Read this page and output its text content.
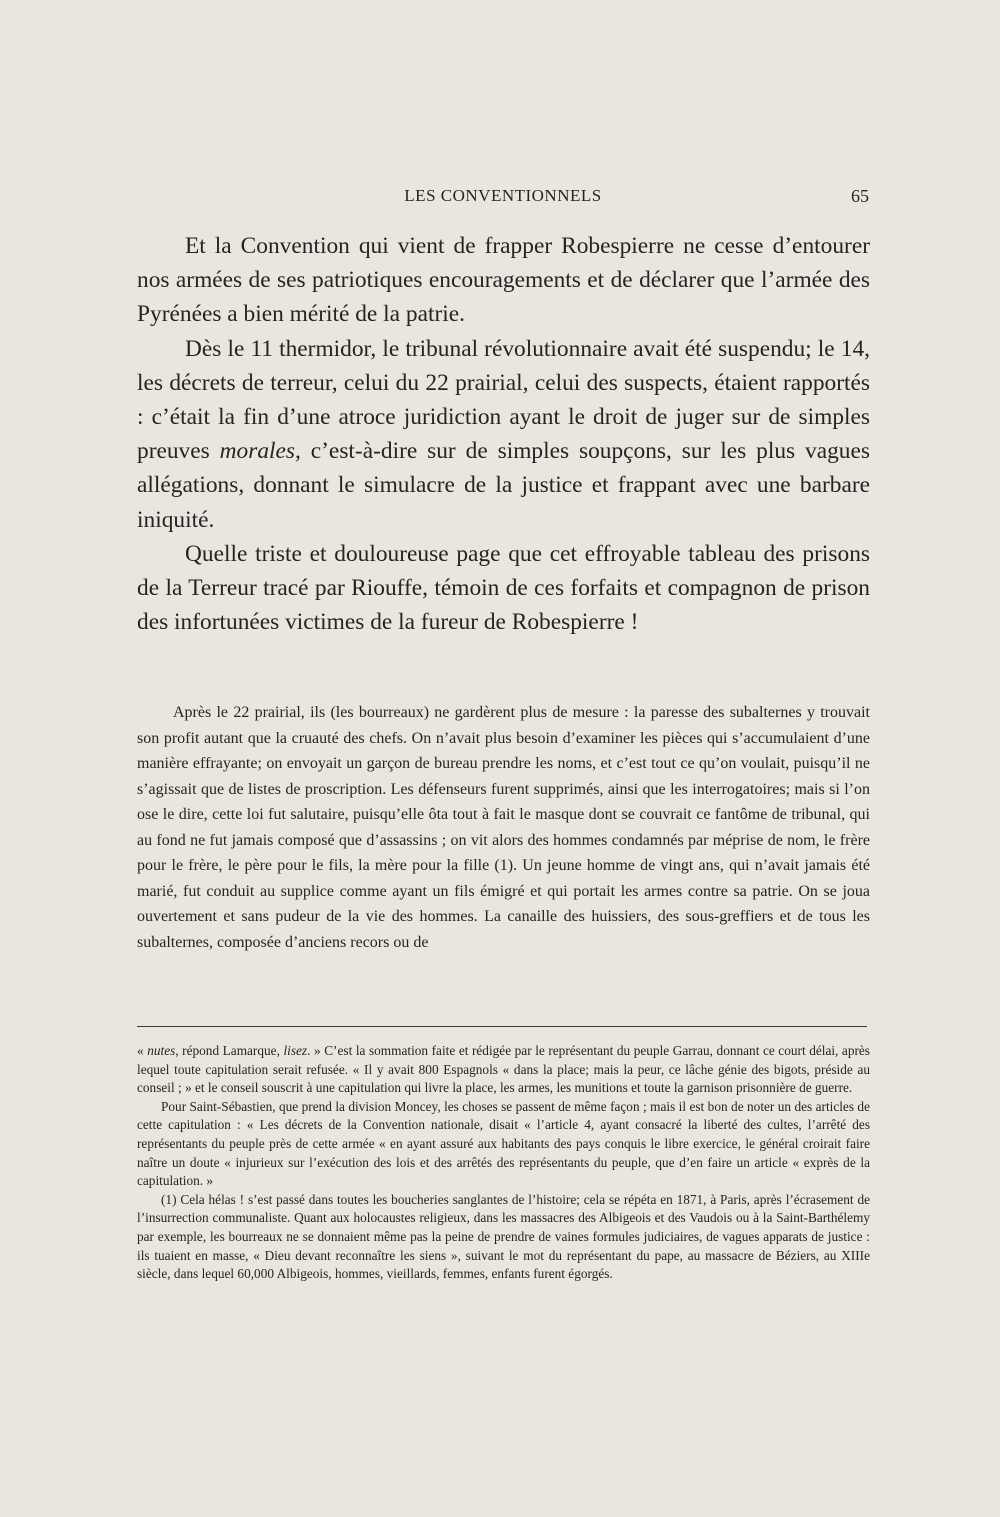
LES CONVENTIONNELS	65

Et la Convention qui vient de frapper Robespierre ne cesse d’entourer nos armées de ses patriotiques encouragements et de déclarer que l’armée des Pyrénées a bien mérité de la patrie.

Dès le 11 thermidor, le tribunal révolutionnaire avait été suspendu; le 14, les décrets de terreur, celui du 22 prairial, celui des suspects, étaient rapportés : c’était la fin d’une atroce juridiction ayant le droit de juger sur de simples preuves morales, c’est-à-dire sur de simples soupçons, sur les plus vagues allégations, donnant le simulacre de la justice et frappant avec une barbare iniquité.

Quelle triste et douloureuse page que cet effroyable tableau des prisons de la Terreur tracé par Riouffe, témoin de ces forfaits et compagnon de prison des infortunées victimes de la fureur de Robespierre !

Après le 22 prairial, ils (les bourreaux) ne gardèrent plus de mesure : la paresse des subalternes y trouvait son profit autant que la cruauté des chefs. On n’avait plus besoin d’examiner les pièces qui s’accumulaient d’une manière effrayante; on envoyait un garçon de bureau prendre les noms, et c’est tout ce qu’on voulait, puisqu’il ne s’agissait que de listes de proscription. Les défenseurs furent supprimés, ainsi que les interrogatoires; mais si l’on ose le dire, cette loi fut salutaire, puisqu’elle ôta tout à fait le masque dont se couvrait ce fantôme de tribunal, qui au fond ne fut jamais composé que d’assassins ; on vit alors des hommes condamnés par méprise de nom, le frère pour le frère, le père pour le fils, la mère pour la fille (1). Un jeune homme de vingt ans, qui n’avait jamais été marié, fut conduit au supplice comme ayant un fils émigré et qui portait les armes contre sa patrie. On se joua ouvertement et sans pudeur de la vie des hommes. La canaille des huissiers, des sous-greffiers et de tous les subalternes, composée d’anciens recors ou de

« nutes, répond Lamarque, lisez. » C’est la sommation faite et rédigée par le représentant du peuple Garrau, donnant ce court délai, après lequel toute capitulation serait refusée. « Il y avait 800 Espagnols « dans la place; mais la peur, ce lâche génie des bigots, préside au conseil ; » et le conseil souscrit à une capitulation qui livre la place, les armes, les munitions et toute la garnison prisonnière de guerre.

Pour Saint-Sébastien, que prend la division Moncey, les choses se passent de même façon ; mais il est bon de noter un des articles de cette capitulation : « Les décrets de la Convention nationale, disait « l’article 4, ayant consacré la liberté des cultes, l’arrêté des représentants du peuple près de cette armée « en ayant assuré aux habitants des pays conquis le libre exercice, le général croirait faire naître un doute « injurieux sur l’exécution des lois et des arrêtés des représentants du peuple, que d’en faire un article « exprès de la capitulation. »

(1) Cela hélas ! s’est passé dans toutes les boucheries sanglantes de l’histoire; cela se répéta en 1871, à Paris, après l’écrasement de l’insurrection communaliste. Quant aux holocaustes religieux, dans les massacres des Albigeois et des Vaudois ou à la Saint-Barthélemy par exemple, les bourreaux ne se donnaient même pas la peine de prendre de vaines formules judiciaires, de vagues apparats de justice : ils tuaient en masse, « Dieu devant reconnaître les siens », suivant le mot du représentant du pape, au massacre de Béziers, au XIIIe siècle, dans lequel 60,000 Albigeois, hommes, vieillards, femmes, enfants furent égorgés.
